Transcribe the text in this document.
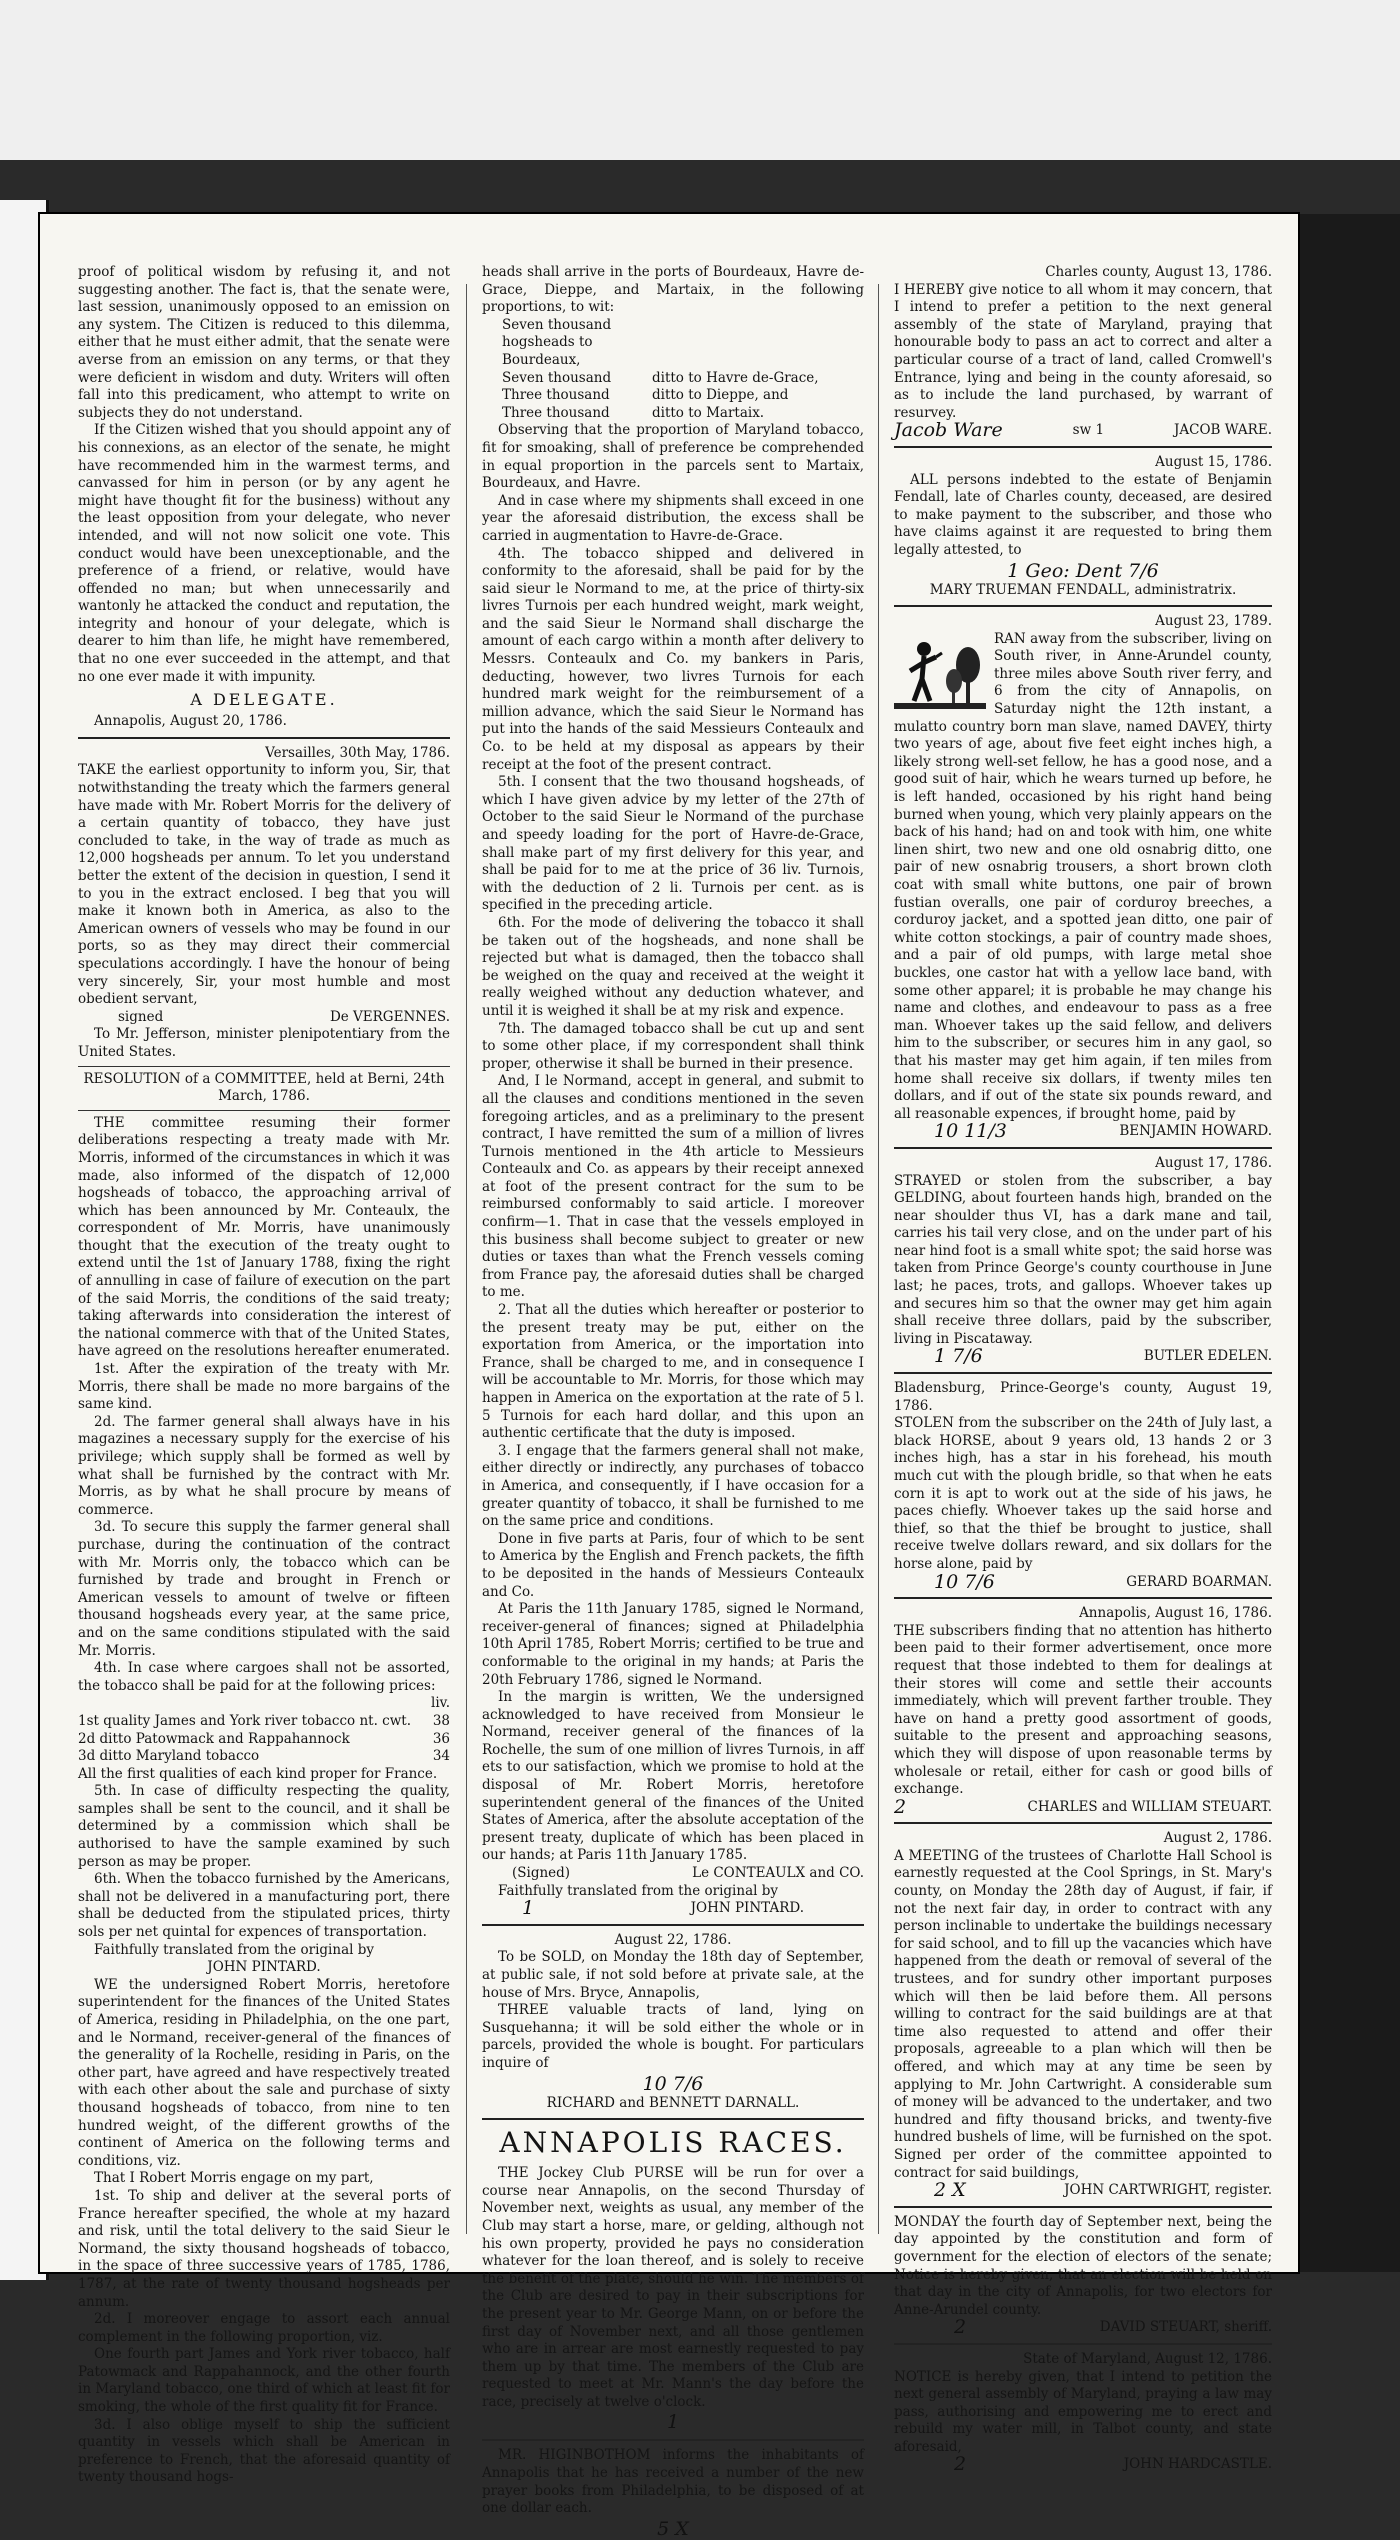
proof of political wisdom by refusing it, and not suggesting another. The fact is, that the senate were, last session, unanimously opposed to an emission on any system. The Citizen is reduced to this dilemma, either that he must either admit, that the senate were averse from an emission on any terms, or that they were deficient in wisdom and duty. Writers will often fall into this predicament, who attempt to write on subjects they do not understand.

If the Citizen wished that you should appoint any of his connexions, as an elector of the senate, he might have recommended him in the warmest terms, and canvassed for him in person (or by any agent he might have thought fit for the business) without any the least opposition from your delegate, who never intended, and will not now solicit one vote. This conduct would have been unexceptionable, and the preference of a friend, or relative, would have offended no man; but when unnecessarily and wantonly he attacked the conduct and reputation, the integrity and honour of your delegate, which is dearer to him than life, he might have remembered, that no one ever succeeded in the attempt, and that no one ever made it with impunity.

A DELEGATE.

Annapolis, August 20, 1786.

Versailles, 30th May, 1786.

TAKE the earliest opportunity to inform you, Sir, that notwithstanding the treaty which the farmers general have made with Mr. Robert Morris for the delivery of a certain quantity of tobacco, they have just concluded to take, in the way of trade as much as 12,000 hogsheads per annum. To let you understand better the extent of the decision in question, I send it to you in the extract enclosed. I beg that you will make it known both in America, as also to the American owners of vessels who may be found in our ports, so as they may direct their commercial speculations accordingly. I have the honour of being very sincerely, Sir, your most humble and most obedient servant,

signed	De VERGENNES.

To Mr. Jefferson, minister plenipotentiary from the United States.

RESOLUTION of a COMMITTEE, held at Berni, 24th March, 1786.

THE committee resuming their former deliberations respecting a treaty made with Mr. Morris, informed of the circumstances in which it was made, also informed of the dispatch of 12,000 hogsheads of tobacco, the approaching arrival of which has been announced by Mr. Conteaulx, the correspondent of Mr. Morris, have unanimously thought that the execution of the treaty ought to extend until the 1st of January 1788, fixing the right of annulling in case of failure of execution on the part of the said Morris, the conditions of the said treaty; taking afterwards into consideration the interest of the national commerce with that of the United States, have agreed on the resolutions hereafter enumerated.

1st. After the expiration of the treaty with Mr. Morris, there shall be made no more bargains of the same kind.

2d. The farmer general shall always have in his magazines a necessary supply for the exercise of his privilege; which supply shall be formed as well by what shall be furnished by the contract with Mr. Morris, as by what he shall procure by means of commerce.

3d. To secure this supply the farmer general shall purchase, during the continuation of the contract with Mr. Morris only, the tobacco which can be furnished by trade and brought in French or American vessels to amount of twelve or fifteen thousand hogsheads every year, at the same price, and on the same conditions stipulated with the said Mr. Morris.

4th. In case where cargoes shall not be assorted, the tobacco shall be paid for at the following prices:

liv.
1st quality James and York river tobacco nt. cwt. 38
2d ditto Patowmack and Rappahannock	36
3d ditto Maryland tobacco	34

All the first qualities of each kind proper for France.

5th. In case of difficulty respecting the quality, samples shall be sent to the council, and it shall be determined by a commission which shall be authorised to have the sample examined by such person as may be proper.

6th. When the tobacco furnished by the Americans, shall not be delivered in a manufacturing port, there shall be deducted from the stipulated prices, thirty sols per net quintal for expences of transportation.

Faithfully translated from the original by

JOHN PINTARD.

WE the undersigned Robert Morris, heretofore superintendent for the finances of the United States of America, residing in Philadelphia, on the one part, and le Normand, receiver-general of the finances of the generality of la Rochelle, residing in Paris, on the other part, have agreed and have respectively treated with each other about the sale and purchase of sixty thousand hogsheads of tobacco, from nine to ten hundred weight, of the different growths of the continent of America on the following terms and conditions, viz.

That I Robert Morris engage on my part,

1st. To ship and deliver at the several ports of France hereafter specified, the whole at my hazard and risk, until the total delivery to the said Sieur le Normand, the sixty thousand hogsheads of tobacco, in the space of three successive years of 1785, 1786, 1787, at the rate of twenty thousand hogsheads per annum.

2d. I moreover engage to assort each annual complement in the following proportion, viz.

One fourth part James and York river tobacco, half Patowmack and Rappahannock, and the other fourth in Maryland tobacco, one third of which at least fit for smoking, the whole of the first quality fit for France.

3d. I also oblige myself to ship the sufficient quantity in vessels which shall be American in preference to French, that the aforesaid quantity of twenty thousand hogs-

heads shall arrive in the ports of Bourdeaux, Havre de-Grace, Dieppe, and Martaix, in the following proportions, to wit:

Seven thousand hogsheads to Bourdeaux,
Seven thousand	ditto to Havre de-Grace,
Three thousand	ditto to Dieppe, and
Three thousand	ditto to Martaix.

Observing that the proportion of Maryland tobacco, fit for smoaking, shall of preference be comprehended in equal proportion in the parcels sent to Martaix, Bourdeaux, and Havre.

And in case where my shipments shall exceed in one year the aforesaid distribution, the excess shall be carried in augmentation to Havre-de-Grace.

4th. The tobacco shipped and delivered in conformity to the aforesaid, shall be paid for by the said sieur le Normand to me, at the price of thirty-six livres Turnois per each hundred weight, mark weight, and the said Sieur le Normand shall discharge the amount of each cargo within a month after delivery to Messrs. Conteaulx and Co. my bankers in Paris, deducting, however, two livres Turnois for each hundred mark weight for the reimbursement of a million advance, which the said Sieur le Normand has put into the hands of the said Messieurs Conteaulx and Co. to be held at my disposal as appears by their receipt at the foot of the present contract.

5th. I consent that the two thousand hogsheads, of which I have given advice by my letter of the 27th of October to the said Sieur le Normand of the purchase and speedy loading for the port of Havre-de-Grace, shall make part of my first delivery for this year, and shall be paid for to me at the price of 36 liv. Turnois, with the deduction of 2 li. Turnois per cent. as is specified in the preceding article.

6th. For the mode of delivering the tobacco it shall be taken out of the hogsheads, and none shall be rejected but what is damaged, then the tobacco shall be weighed on the quay and received at the weight it really weighed without any deduction whatever, and until it is weighed it shall be at my risk and expence.

7th. The damaged tobacco shall be cut up and sent to some other place, if my correspondent shall think proper, otherwise it shall be burned in their presence.

And, I le Normand, accept in general, and submit to all the clauses and conditions mentioned in the seven foregoing articles, and as a preliminary to the present contract, I have remitted the sum of a million of livres Turnois mentioned in the 4th article to Messieurs Conteaulx and Co. as appears by their receipt annexed at foot of the present contract for the sum to be reimbursed conformably to said article. I moreover confirm—1. That in case that the vessels employed in this business shall become subject to greater or new duties or taxes than what the French vessels coming from France pay, the aforesaid duties shall be charged to me.

2. That all the duties which hereafter or posterior to the present treaty may be put, either on the exportation from America, or the importation into France, shall be charged to me, and in consequence I will be accountable to Mr. Morris, for those which may happen in America on the exportation at the rate of 5 l. 5 Turnois for each hard dollar, and this upon an authentic certificate that the duty is imposed.

3. I engage that the farmers general shall not make, either directly or indirectly, any purchases of tobacco in America, and consequently, if I have occasion for a greater quantity of tobacco, it shall be furnished to me on the same price and conditions.

Done in five parts at Paris, four of which to be sent to America by the English and French packets, the fifth to be deposited in the hands of Messieurs Conteaulx and Co.

At Paris the 11th January 1785, signed le Normand, receiver-general of finances; signed at Philadelphia 10th April 1785, Robert Morris; certified to be true and conformable to the original in my hands; at Paris the 20th February 1786, signed le Normand.

In the margin is written, We the undersigned acknowledged to have received from Monsieur le Normand, receiver general of the finances of la Rochelle, the sum of one million of livres Turnois, in aff ets to our satisfaction, which we promise to hold at the disposal of Mr. Robert Morris, heretofore superintendent general of the finances of the United States of America, after the absolute acceptation of the present treaty, duplicate of which has been placed in our hands; at Paris 11th January 1785.

(Signed)	Le CONTEAULX and CO.

Faithfully translated from the original by

1	JOHN PINTARD.

August 22, 1786.

To be SOLD, on Monday the 18th day of September, at public sale, if not sold before at private sale, at the house of Mrs. Bryce, Annapolis,

THREE valuable tracts of land, lying on Susquehanna; it will be sold either the whole or in parcels, provided the whole is bought. For particulars inquire of

10 7/6
RICHARD and BENNETT DARNALL.
ANNAPOLIS RACES.

THE Jockey Club PURSE will be run for over a course near Annapolis, on the second Thursday of November next, weights as usual, any member of the Club may start a horse, mare, or gelding, although not his own property, provided he pays no consideration whatever for the loan thereof, and is solely to receive the benefit of the plate, should he win. The members of the Club are desired to pay in their subscriptions for the present year to Mr. George Mann, on or before the first day of November next, and all those gentlemen who are in arrear are most earnestly requested to pay them up by that time. The members of the Club are requested to meet at Mr. Mann's the day before the race, precisely at twelve o'clock.

1

MR. HIGINBOTHOM informs the inhabitants of Annapolis that he has received a number of the new prayer books from Philadelphia, to be disposed of at one dollar each.

5 X

Charles county, August 13, 1786.

I HEREBY give notice to all whom it may concern, that I intend to prefer a petition to the next general assembly of the state of Maryland, praying that honourable body to pass an act to correct and alter a particular course of a tract of land, called Cromwell's Entrance, lying and being in the county aforesaid, so as to include the land purchased, by warrant of resurvey.

Jacob Ware	sw 1	JACOB WARE.

August 15, 1786.

ALL persons indebted to the estate of Benjamin Fendall, late of Charles county, deceased, are desired to make payment to the subscriber, and those who have claims against it are requested to bring them legally attested, to

1 Geo: Dent 7/6
MARY TRUEMAN FENDALL, administratrix.

August 23, 1789.

RAN away from the subscriber, living on South river, in Anne-Arundel county, three miles above South river ferry, and 6 from the city of Annapolis, on Saturday night the 12th instant, a mulatto country born man slave, named DAVEY, thirty two years of age, about five feet eight inches high, a likely strong well-set fellow, he has a good nose, and a good suit of hair, which he wears turned up before, he is left handed, occasioned by his right hand being burned when young, which very plainly appears on the back of his hand; had on and took with him, one white linen shirt, two new and one old osnabrig ditto, one pair of new osnabrig trousers, a short brown cloth coat with small white buttons, one pair of brown fustian overalls, one pair of corduroy breeches, a corduroy jacket, and a spotted jean ditto, one pair of white cotton stockings, a pair of country made shoes, and a pair of old pumps, with large metal shoe buckles, one castor hat with a yellow lace band, with some other apparel; it is probable he may change his name and clothes, and endeavour to pass as a free man. Whoever takes up the said fellow, and delivers him to the subscriber, or secures him in any gaol, so that his master may get him again, if ten miles from home shall receive six dollars, if twenty miles ten dollars, and if out of the state six pounds reward, and all reasonable expences, if brought home, paid by

10 11/3	BENJAMIN HOWARD.

August 17, 1786.

STRAYED or stolen from the subscriber, a bay GELDING, about fourteen hands high, branded on the near shoulder thus VI, has a dark mane and tail, carries his tail very close, and on the under part of his near hind foot is a small white spot; the said horse was taken from Prince George's county courthouse in June last; he paces, trots, and gallops. Whoever takes up and secures him so that the owner may get him again shall receive three dollars, paid by the subscriber, living in Piscataway.

1 7/6	BUTLER EDELEN.

Bladensburg, Prince-George's county, August 19, 1786.

STOLEN from the subscriber on the 24th of July last, a black HORSE, about 9 years old, 13 hands 2 or 3 inches high, has a star in his forehead, his mouth much cut with the plough bridle, so that when he eats corn it is apt to work out at the side of his jaws, he paces chiefly. Whoever takes up the said horse and thief, so that the thief be brought to justice, shall receive twelve dollars reward, and six dollars for the horse alone, paid by

10 7/6	GERARD BOARMAN.

Annapolis, August 16, 1786.

THE subscribers finding that no attention has hitherto been paid to their former advertisement, once more request that those indebted to them for dealings at their stores will come and settle their accounts immediately, which will prevent farther trouble. They have on hand a pretty good assortment of goods, suitable to the present and approaching seasons, which they will dispose of upon reasonable terms by wholesale or retail, either for cash or good bills of exchange.

2	CHARLES and WILLIAM STEUART.

August 2, 1786.

A MEETING of the trustees of Charlotte Hall School is earnestly requested at the Cool Springs, in St. Mary's county, on Monday the 28th day of August, if fair, if not the next fair day, in order to contract with any person inclinable to undertake the buildings necessary for said school, and to fill up the vacancies which have happened from the death or removal of several of the trustees, and for sundry other important purposes which will then be laid before them. All persons willing to contract for the said buildings are at that time also requested to attend and offer their proposals, agreeable to a plan which will then be offered, and which may at any time be seen by applying to Mr. John Cartwright. A considerable sum of money will be advanced to the undertaker, and two hundred and fifty thousand bricks, and twenty-five hundred bushels of lime, will be furnished on the spot. Signed per order of the committee appointed to contract for said buildings,

2 X	JOHN CARTWRIGHT, register.

MONDAY the fourth day of September next, being the day appointed by the constitution and form of government for the election of electors of the senate; Notice is hereby given, that an election will be held on that day in the city of Annapolis, for two electors for Anne-Arundel county.

2	DAVID STEUART, sheriff.

State of Maryland, August 12, 1786.

NOTICE is hereby given, that I intend to petition the next general assembly of Maryland, praying a law may pass, authorising and empowering me to erect and rebuild my water mill, in Talbot county, and state aforesaid,

2	JOHN HARDCASTLE.
